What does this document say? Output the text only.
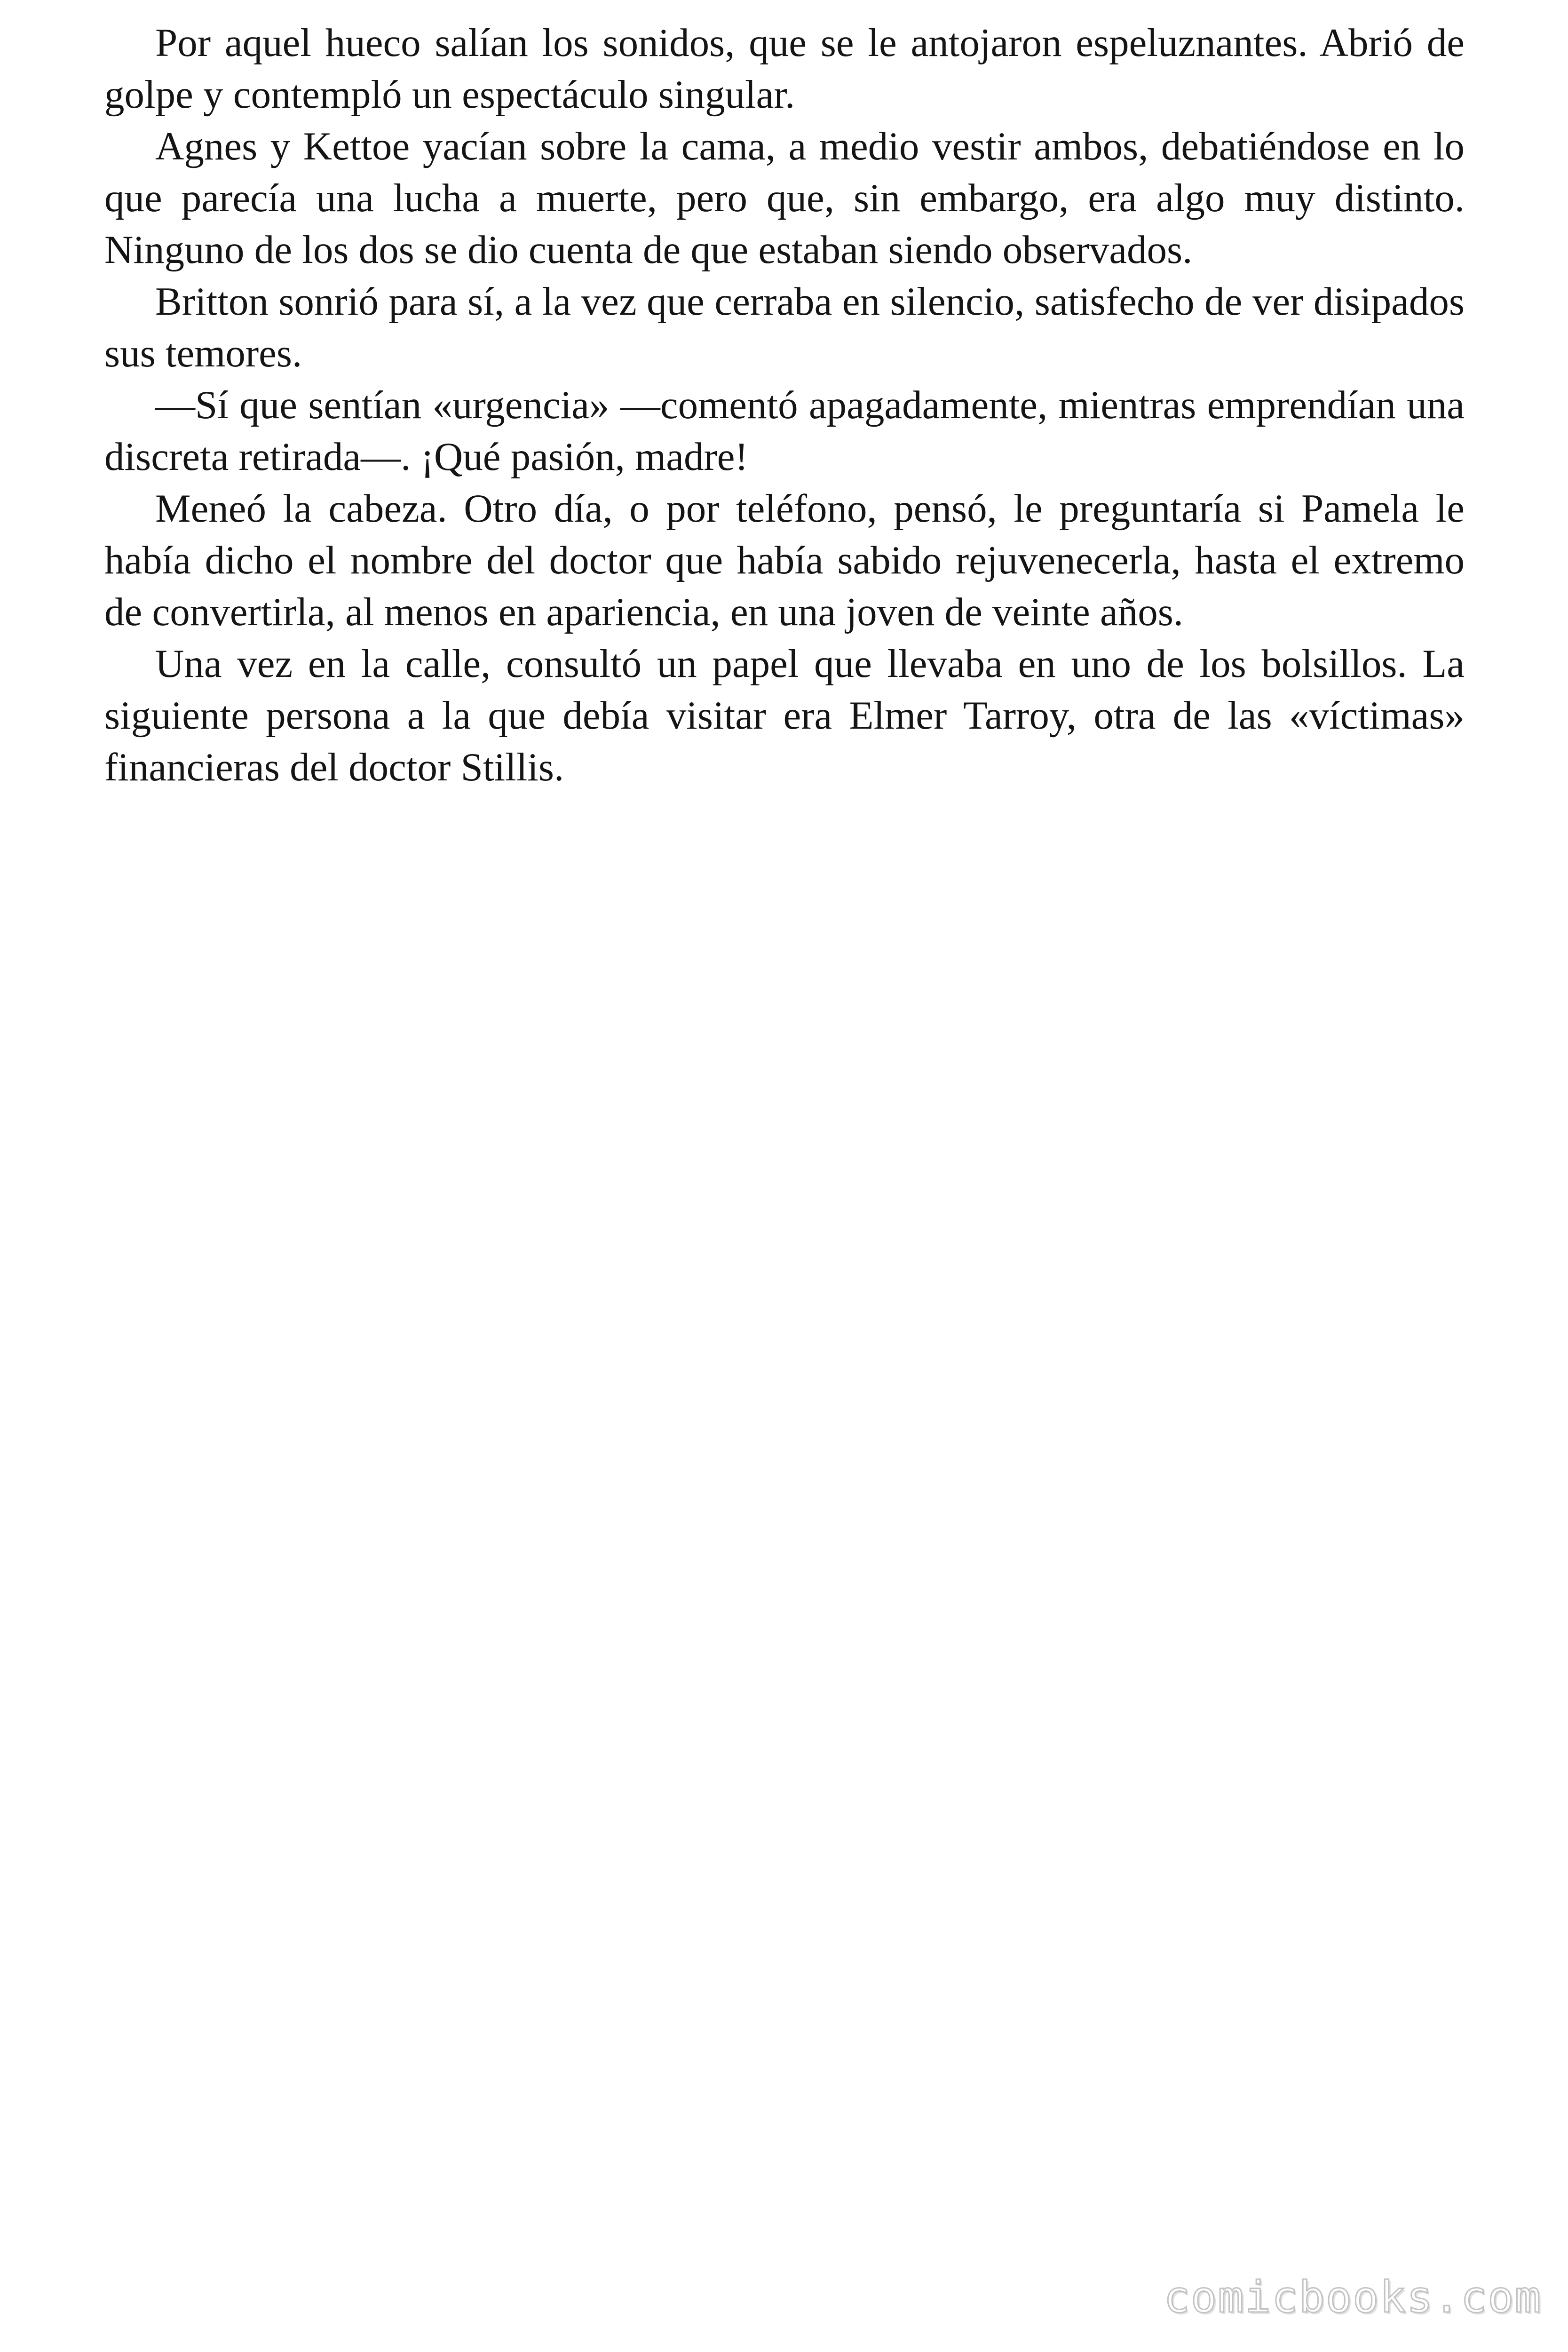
Por aquel hueco salían los sonidos, que se le antojaron espeluznantes. Abrió de golpe y contempló un espectáculo singular.

Agnes y Kettoe yacían sobre la cama, a medio vestir ambos, debatiéndose en lo que parecía una lucha a muerte, pero que, sin embargo, era algo muy distinto. Ninguno de los dos se dio cuenta de que estaban siendo observados.

Britton sonrió para sí, a la vez que cerraba en silencio, satisfecho de ver disipados sus temores.

—Sí que sentían «urgencia» —comentó apagadamente, mientras emprendían una discreta retirada—. ¡Qué pasión, madre!

Meneó la cabeza. Otro día, o por teléfono, pensó, le preguntaría si Pamela le había dicho el nombre del doctor que había sabido rejuvenecerla, hasta el extremo de convertirla, al menos en apariencia, en una joven de veinte años.

Una vez en la calle, consultó un papel que llevaba en uno de los bolsillos. La siguiente persona a la que debía visitar era Elmer Tarroy, otra de las «víctimas» financieras del doctor Stillis.

comicbooks.com
